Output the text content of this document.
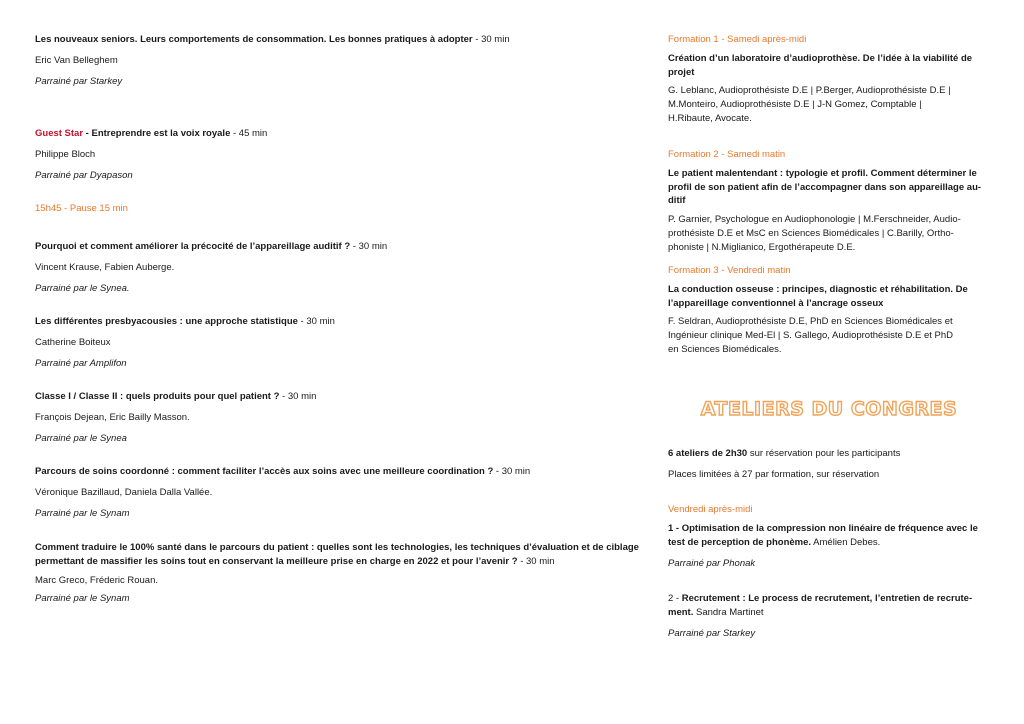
Les nouveaux seniors. Leurs comportements de consommation. Les bonnes pratiques à adopter - 30 min
Eric Van Belleghem
Parrainé par Starkey
Guest Star - Entreprendre est la voix royale - 45 min
Philippe Bloch
Parrainé par Dyapason
15h45 - Pause 15 min
Pourquoi et comment améliorer la précocité de l’appareillage auditif ? - 30 min
Vincent Krause, Fabien Auberge.
Parrainé par le Synea.
Les différentes presbyacousies : une approche statistique - 30 min
Catherine Boiteux
Parrainé par Amplifon
Classe I / Classe II : quels produits pour quel patient ? - 30 min
François Dejean, Eric Bailly Masson.
Parrainé par le Synea
Parcours de soins coordonné : comment faciliter l’accès aux soins avec une meilleure coordination ? - 30 min
Véronique Bazillaud, Daniela Dalla Vallée.
Parrainé par le Synam
Comment traduire le 100% santé dans le parcours du patient : quelles sont les technologies, les techniques d’évaluation et de ciblage
permettant de massifier les soins tout en conservant la meilleure prise en charge en 2022 et pour l’avenir ? - 30 min
Marc Greco, Fréderic Rouan.
Parrainé par le Synam
Formation 1 - Samedi après-midi
Création d’un laboratoire d’audioprothèse. De l’idée à la viabilité de
projet
G. Leblanc, Audioprothésiste D.E | P.Berger, Audioprothésiste D.E |
M.Monteiro, Audioprothésiste D.E | J-N Gomez, Comptable |
H.Ribaute, Avocate.
Formation 2 - Samedi matin
Le patient malentendant : typologie et profil. Comment déterminer le
profil de son patient afin de l’accompagner dans son appareillage au-
ditif
P. Garnier, Psychologue en Audiophonologie | M.Ferschneider, Audio-
prothésiste D.E et MsC en Sciences Biomédicales | C.Barilly, Ortho-
phoniste | N.Miglianico, Ergothérapeute D.E.
Formation 3 - Vendredi matin
La conduction osseuse : principes, diagnostic et réhabilitation. De
l’appareillage conventionnel à l’ancrage osseux
F. Seldran, Audioprothésiste D.E, PhD en Sciences Biomédicales et
Ingénieur clinique Med-El | S. Gallego, Audioprothésiste D.E et PhD
en Sciences Biomédicales.
ATELIERS DU CONGRES
6 ateliers de 2h30 sur réservation pour les participants
Places limitées à 27 par formation, sur réservation
Vendredi après-midi
1 - Optimisation de la compression non linéaire de fréquence avec le
test de perception de phonème. Amélien Debes.
Parrainé par Phonak
2 - Recrutement : Le process de recrutement, l’entretien de recrute-
ment. Sandra Martinet
Parrainé par Starkey
